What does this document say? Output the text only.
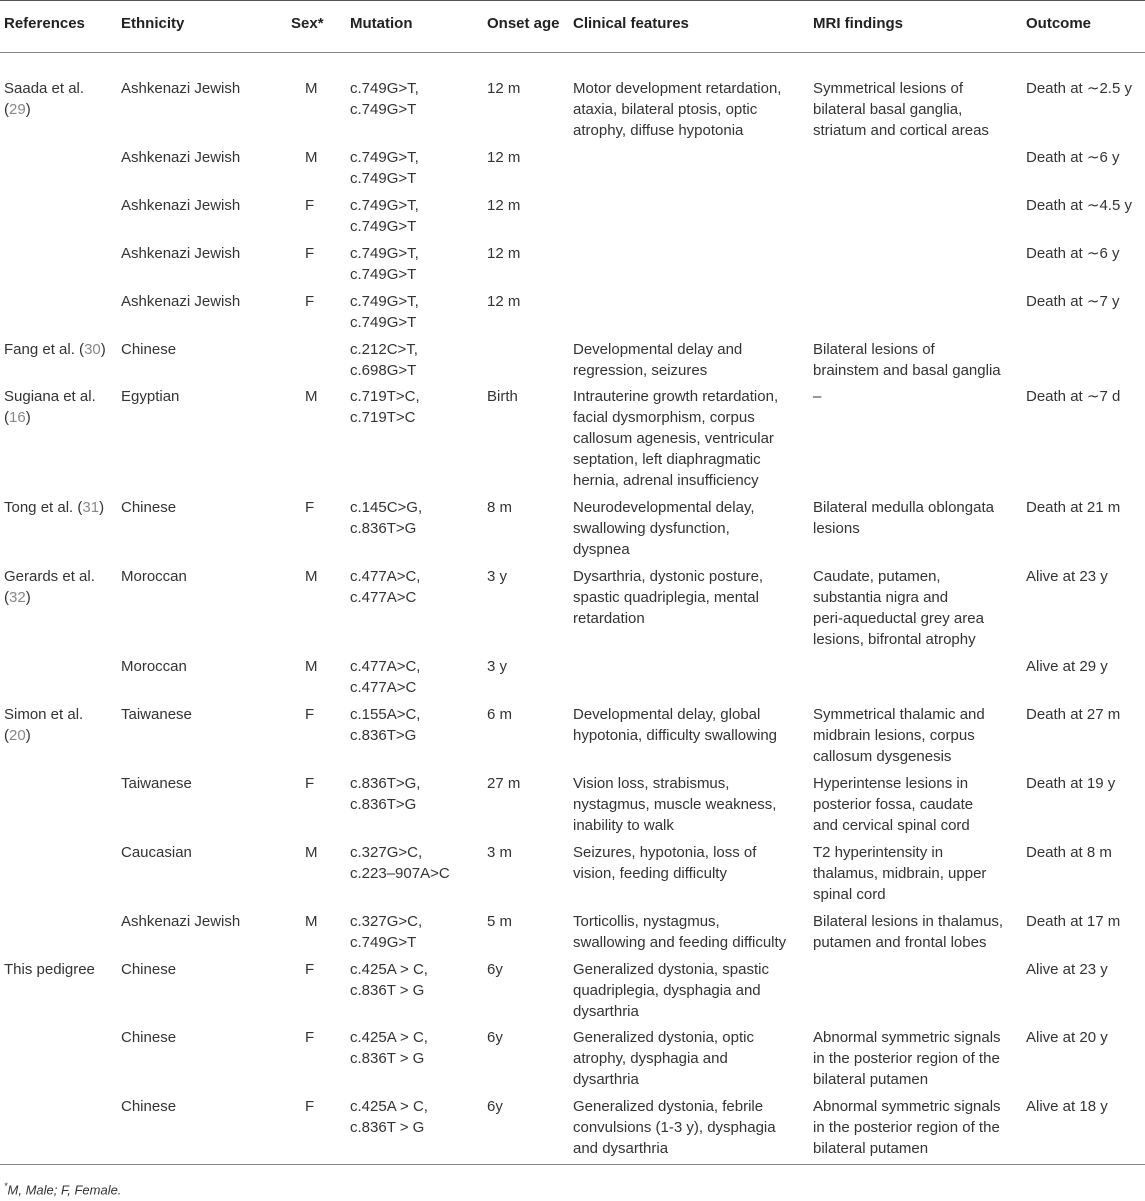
References	Ethnicity	Sex*	Mutation	Onset age	Clinical features	MRI findings	Outcome
Saada et al. (29)	Ashkenazi Jewish	M	c.749G>T,
c.749G>T	12 m	Motor development retardation,
ataxia, bilateral ptosis, optic
atrophy, diffuse hypotonia	Symmetrical lesions of
bilateral basal ganglia,
striatum and cortical areas	Death at ∼2.5 y
	Ashkenazi Jewish	M	c.749G>T,
c.749G>T	12 m			Death at ∼6 y
	Ashkenazi Jewish	F	c.749G>T,
c.749G>T	12 m			Death at ∼4.5 y
	Ashkenazi Jewish	F	c.749G>T,
c.749G>T	12 m			Death at ∼6 y
	Ashkenazi Jewish	F	c.749G>T,
c.749G>T	12 m			Death at ∼7 y
Fang et al. (30)	Chinese		c.212C>T,
c.698G>T		Developmental delay and
regression, seizures	Bilateral lesions of
brainstem and basal ganglia	

Sugiana et al. (16)	Egyptian	M	c.719T>C,
c.719T>C	Birth	Intrauterine growth retardation,
facial dysmorphism, corpus
callosum agenesis, ventricular
septation, left diaphragmatic
hernia, adrenal insufficiency	–	Death at ∼7 d
Tong et al. (31)	Chinese	F	c.145C>G,
c.836T>G	8 m	Neurodevelopmental delay,
swallowing dysfunction,
dyspnea	Bilateral medulla oblongata
lesions	Death at 21 m
Gerards et al. (32)	Moroccan	M	c.477A>C,
c.477A>C	3 y	Dysarthria, dystonic posture,
spastic quadriplegia, mental
retardation	Caudate, putamen,
substantia nigra and
peri-aqueductal grey area
lesions, bifrontal atrophy	Alive at 23 y
	Moroccan	M	c.477A>C,
c.477A>C	3 y			Alive at 29 y
Simon et al. (20)	Taiwanese	F	c.155A>C,
c.836T>G	6 m	Developmental delay, global
hypotonia, difficulty swallowing	Symmetrical thalamic and
midbrain lesions, corpus
callosum dysgenesis	Death at 27 m
	Taiwanese	F	c.836T>G,
c.836T>G	27 m	Vision loss, strabismus,
nystagmus, muscle weakness,
inability to walk	Hyperintense lesions in
posterior fossa, caudate
and cervical spinal cord	Death at 19 y
	Caucasian	M	c.327G>C,
c.223–907A>C	3 m	Seizures, hypotonia, loss of
vision, feeding difficulty	T2 hyperintensity in
thalamus, midbrain, upper
spinal cord	Death at 8 m
	Ashkenazi Jewish	M	c.327G>C,
c.749G>T	5 m	Torticollis, nystagmus,
swallowing and feeding difficulty	Bilateral lesions in thalamus,
putamen and frontal lobes	Death at 17 m
This pedigree	Chinese	F	c.425A > C,
c.836T > G	6y	Generalized dystonia, spastic
quadriplegia, dysphagia and
dysarthria		Alive at 23 y
	Chinese	F	c.425A > C,
c.836T > G	6y	Generalized dystonia, optic
atrophy, dysphagia and
dysarthria	Abnormal symmetric signals
in the posterior region of the
bilateral putamen	Alive at 20 y
	Chinese	F	c.425A > C,
c.836T > G	6y	Generalized dystonia, febrile
convulsions (1-3 y), dysphagia
and dysarthria	Abnormal symmetric signals
in the posterior region of the
bilateral putamen	Alive at 18 y
*M, Male; F, Female.
